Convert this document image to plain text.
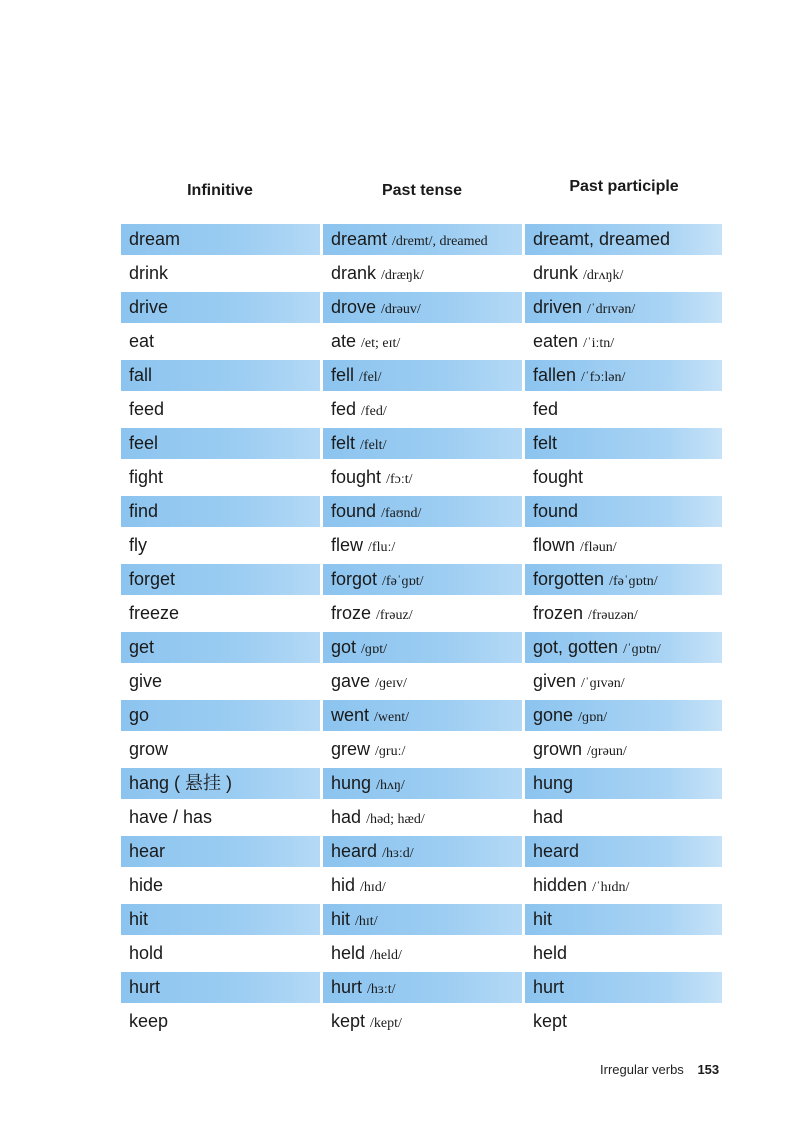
Infinitive	Past tense	Past participle
dream	dreamt /dremt/, dreamed	dreamt, dreamed
drink	drank /dræŋk/	drunk /drʌŋk/
drive	drove /drəuv/	driven /ˈdrɪvən/
eat	ate /et; eɪt/	eaten /ˈiːtn/
fall	fell /fel/	fallen /ˈfɔːlən/
feed	fed /fed/	fed
feel	felt /felt/	felt
fight	fought /fɔːt/	fought
find	found /faʊnd/	found
fly	flew /fluː/	flown /fləun/
forget	forgot /fəˈɡɒt/	forgotten /fəˈɡɒtn/
freeze	froze /frəuz/	frozen /frəuzən/
get	got /ɡɒt/	got, gotten /ˈɡɒtn/
give	gave /ɡeɪv/	given /ˈɡɪvən/
go	went /went/	gone /ɡɒn/
grow	grew /ɡruː/	grown /ɡrəun/
hang ( 悬挂 )	hung /hʌŋ/	hung
have / has	had /həd; hæd/	had
hear	heard /hɜːd/	heard
hide	hid /hɪd/	hidden /ˈhɪdn/
hit	hit /hɪt/	hit
hold	held /held/	held
hurt	hurt /hɜːt/	hurt
keep	kept /kept/	kept
Irregular verbs 153
